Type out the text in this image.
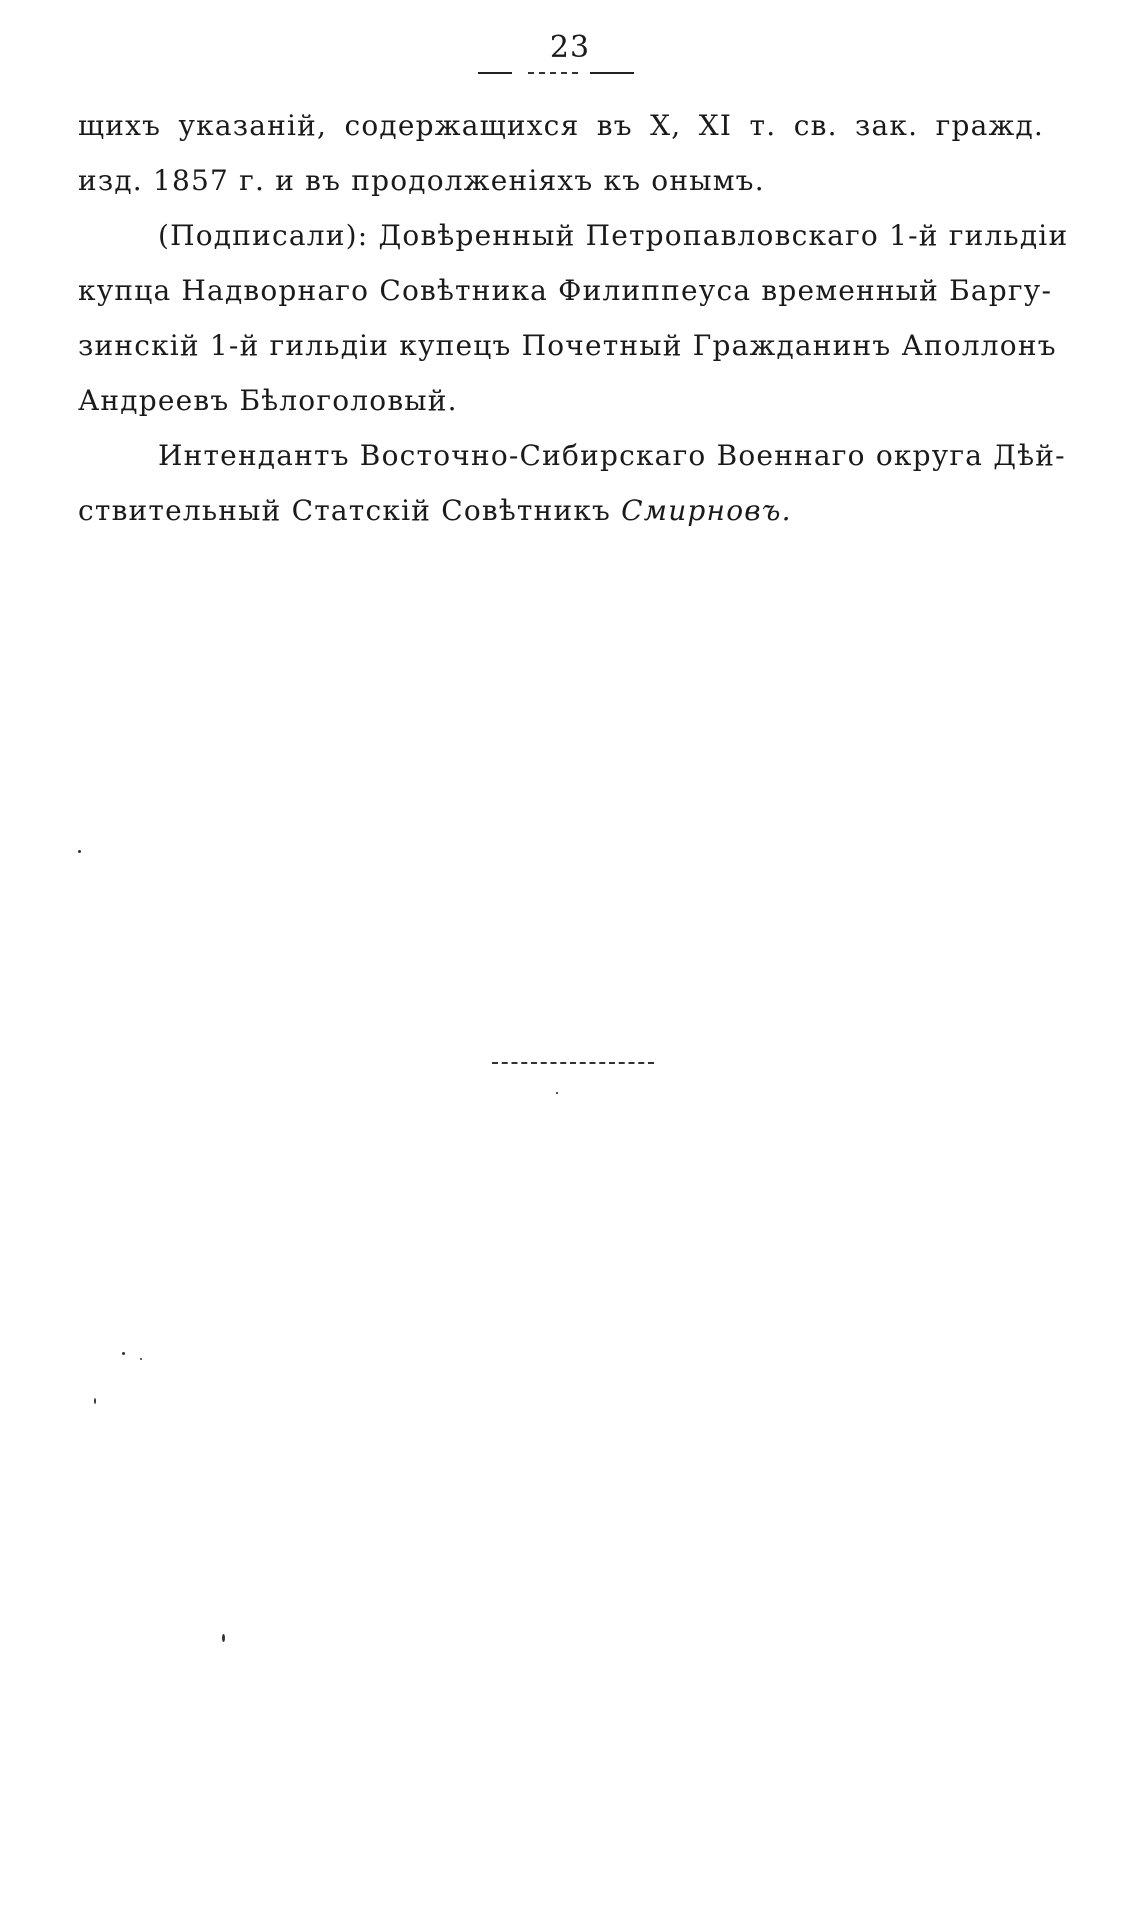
23
щихъ указаній, содержащихся въ X, XI т. св. зак. гражд.
изд. 1857 г. и въ продолженіяхъ къ онымъ.
(Подписали): Довѣренный Петропавловскаго 1-й гильдіи
купца Надворнаго Совѣтника Филиппеуса временный Баргу-
зинскій 1-й гильдіи купецъ Почетный Гражданинъ Аполлонъ
Андреевъ Бѣлоголовый.
Интендантъ Восточно-Сибирскаго Военнаго округа Дѣй-
ствительный Статскій Совѣтникъ Смирновъ.
